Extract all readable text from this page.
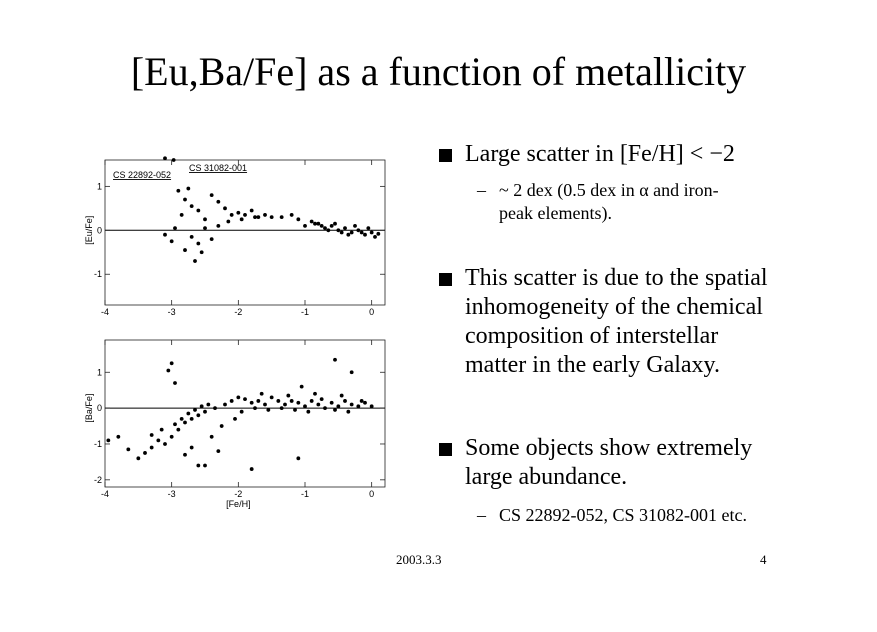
[Eu,Ba/Fe] as a function of metallicity
-4	-3	-2	-1	0
1
0
-1
[Eu/Fe]
CS 22892-052
CS 31082-001
-4	-3	-2	-1	0
1
0
-1
-2
[Ba/Fe]
[Fe/H]
Large scatter in [Fe/H] < −2
– ~ 2 dex (0.5 dex in α and iron-
peak elements).
This scatter is due to the spatial
inhomogeneity of the chemical
composition of interstellar
matter in the early Galaxy.
Some objects show extremely
large abundance.
– CS 22892-052, CS 31082-001 etc.
2003.3.3	4
